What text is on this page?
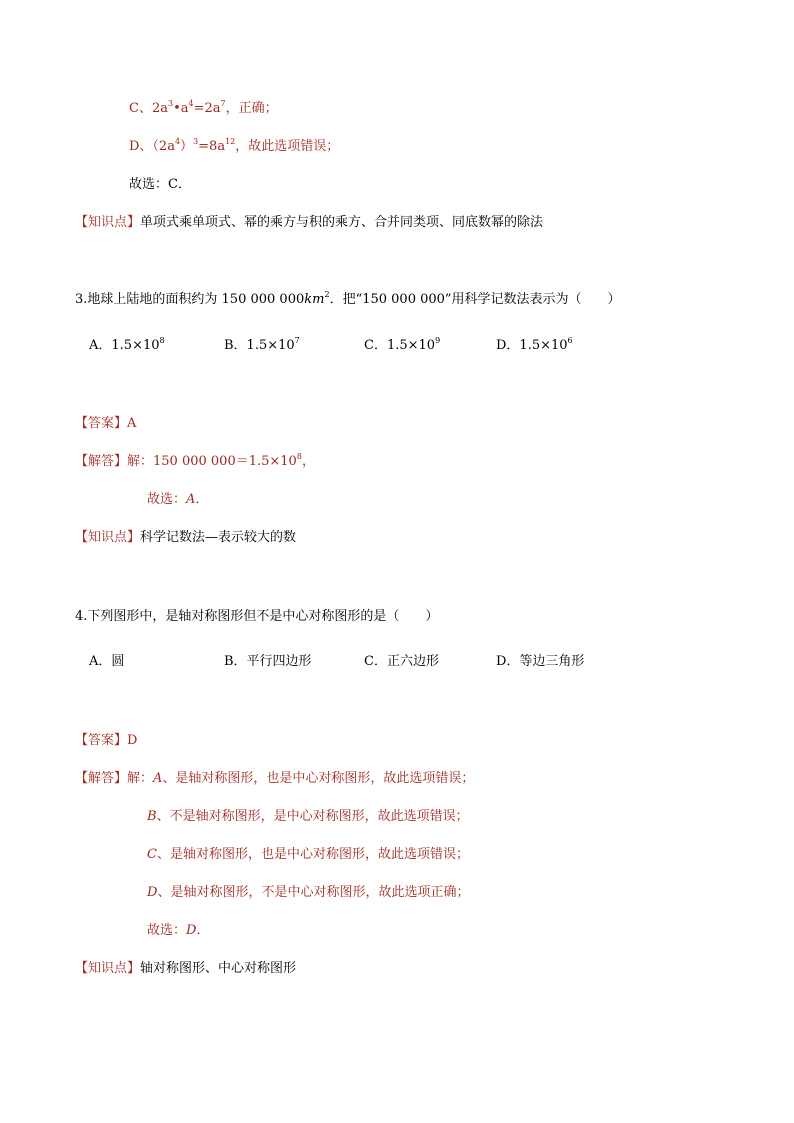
C、$2a^3•a^4=2a^7$，正确；
D、$(2a^4)^3=8a^{12}$，故此选项错误；
故选：C．
【知识点】单项式乘单项式、幂的乘方与积的乘方、合并同类项、同底数幂的除法
3.地球上陆地的面积约为 150 000 $000km^2$．把“150 000 000”用科学记数法表示为（　　）
A．$1.5\times 10^8$	B．$1.5\times 10^7$	C．$1.5\times 10^9$	D．$1.5\times 10^6$
【答案】A
【解答】解：150 000 $000=1.5\times 10^8$，
故选：A．
【知识点】科学记数法—表示较大的数
4.下列图形中，是轴对称图形但不是中心对称图形的是（　　）
A．圆	B．平行四边形	C．正六边形	D．等边三角形
【答案】D
【解答】解：A、是轴对称图形，也是中心对称图形，故此选项错误；
B、不是轴对称图形，是中心对称图形，故此选项错误；
C、是轴对称图形，也是中心对称图形，故此选项错误；
D、是轴对称图形，不是中心对称图形，故此选项正确；
故选：D．
【知识点】轴对称图形、中心对称图形
